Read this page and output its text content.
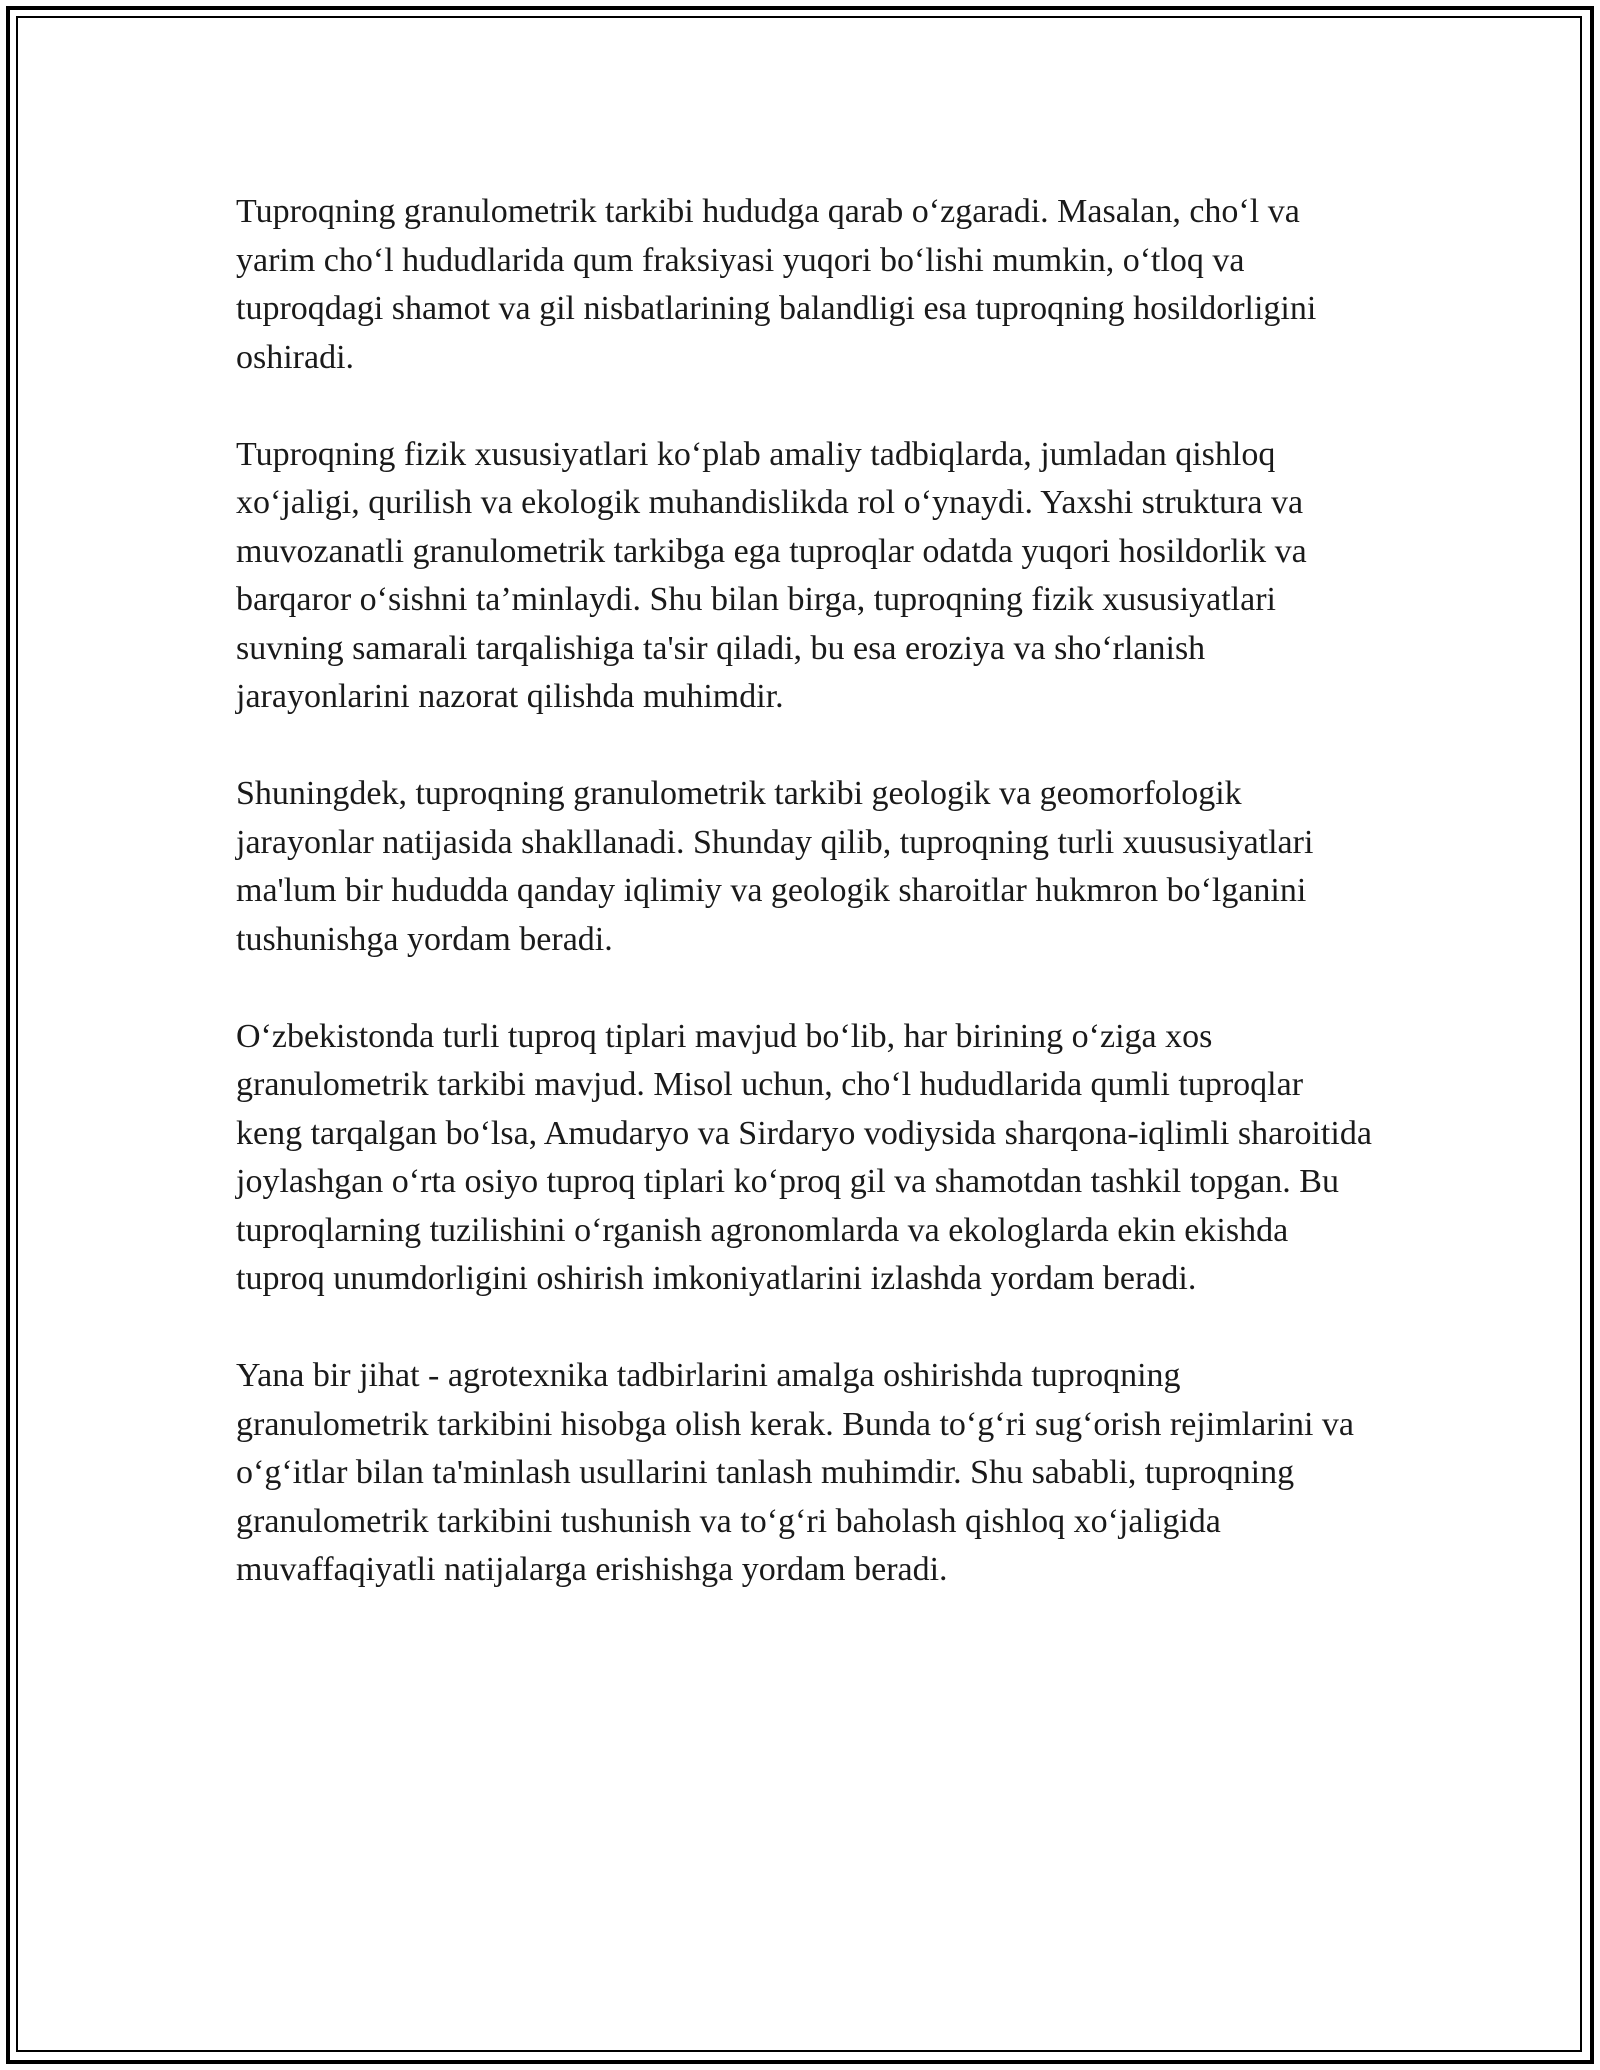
Tuproqning granulometrik tarkibi hududga qarab o‘zgaradi. Masalan, cho‘l va yarim cho‘l hududlarida qum fraksiyasi yuqori bo‘lishi mumkin, o‘tloq va tuproqdagi shamot va gil nisbatlarining balandligi esa tuproqning hosildorligini oshiradi.

Tuproqning fizik xususiyatlari ko‘plab amaliy tadbiqlarda, jumladan qishloq xo‘jaligi, qurilish va ekologik muhandislikda rol o‘ynaydi. Yaxshi struktura va muvozanatli granulometrik tarkibga ega tuproqlar odatda yuqori hosildorlik va barqaror o‘sishni ta’minlaydi. Shu bilan birga, tuproqning fizik xususiyatlari suvning samarali tarqalishiga ta'sir qiladi, bu esa eroziya va sho‘rlanish jarayonlarini nazorat qilishda muhimdir.

Shuningdek, tuproqning granulometrik tarkibi geologik va geomorfologik jarayonlar natijasida shakllanadi. Shunday qilib, tuproqning turli xuususiyatlari ma'lum bir hududda qanday iqlimiy va geologik sharoitlar hukmron bo‘lganini tushunishga yordam beradi.

O‘zbekistonda turli tuproq tiplari mavjud bo‘lib, har birining o‘ziga xos granulometrik tarkibi mavjud. Misol uchun, cho‘l hududlarida qumli tuproqlar keng tarqalgan bo‘lsa, Amudaryo va Sirdaryo vodiysida sharqona-iqlimli sharoitida joylashgan o‘rta osiyo tuproq tiplari ko‘proq gil va shamotdan tashkil topgan. Bu tuproqlarning tuzilishini o‘rganish agronomlarda va ekologlarda ekin ekishda tuproq unumdorligini oshirish imkoniyatlarini izlashda yordam beradi.

Yana bir jihat - agrotexnika tadbirlarini amalga oshirishda tuproqning granulometrik tarkibini hisobga olish kerak. Bunda to‘g‘ri sug‘orish rejimlarini va o‘g‘itlar bilan ta'minlash usullarini tanlash muhimdir. Shu sababli, tuproqning granulometrik tarkibini tushunish va to‘g‘ri baholash qishloq xo‘jaligida muvaffaqiyatli natijalarga erishishga yordam beradi.
